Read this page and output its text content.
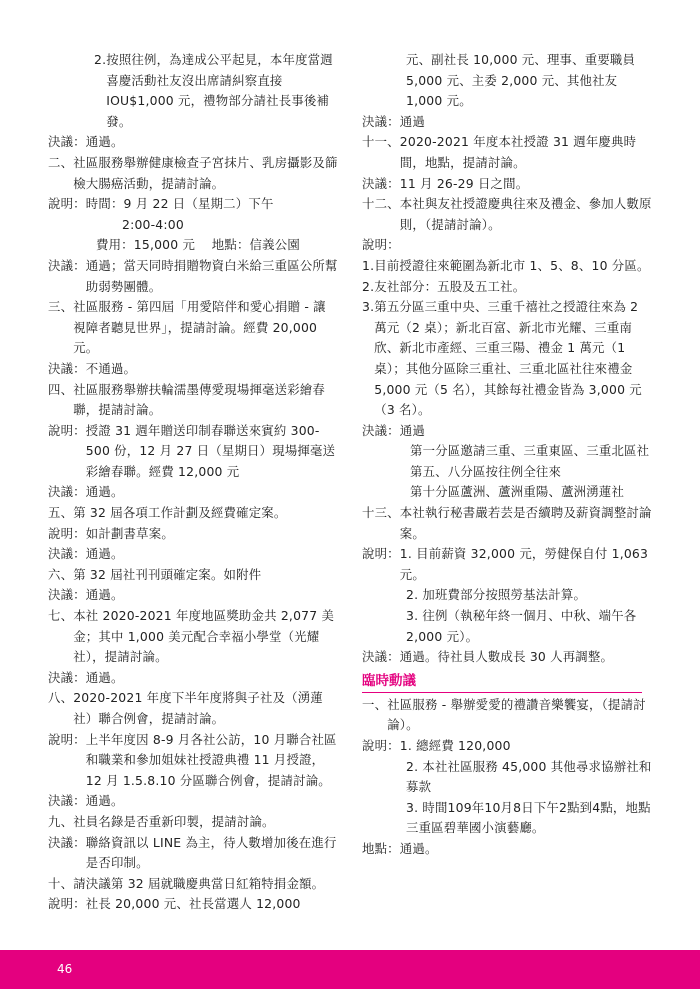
2. 按照往例，為達成公平起見，本年度當週喜慶活動社友沒出席請糾察直接 IOU$1,000 元，禮物部分請社長事後補發。
決議： 通過。
二、 社區服務舉辦健康檢查子宮抹片、乳房攝影及篩檢大腸癌活動，提請討論。
說明： 時間：9 月 22 日（星期二）下午
2:00-4:00
費用：15,000 元　 地點：信義公園
決議： 通過；當天同時捐贈物資白米給三重區公所幫助弱勢團體。
三、 社區服務 - 第四屆「用愛陪伴和愛心捐贈 - 讓視障者聽見世界」，提請討論。經費 20,000 元。
決議： 不通過。
四、 社區服務舉辦扶輪濡墨傳愛現場揮毫送彩繪春聯，提請討論。
說明： 授證 31 週年贈送印制春聯送來賓約 300-500 份，12 月 27 日（星期日）現場揮毫送彩繪春聯。經費 12,000 元
決議： 通過。
五、 第 32 屆各項工作計劃及經費確定案。
說明： 如計劃書草案。
決議： 通過。
六、 第 32 屆社刊刊頭確定案。如附件
決議： 通過。
七、 本社 2020-2021 年度地區獎助金共 2,077 美金；其中 1,000 美元配合幸福小學堂（光耀社），提請討論。
決議： 通過。
八、 2020-2021 年度下半年度將與子社及（湧蓮社）聯合例會，提請討論。
說明： 上半年度因 8-9 月各社公訪，10 月聯合社區和職業和參加姐妹社授證典禮 11 月授證，12 月 1.5.8.10 分區聯合例會，提請討論。
決議： 通過。
九、 社員名錄是否重新印製，提請討論。
決議： 聯絡資訊以 LINE 為主，待人數增加後在進行是否印制。
十、 請決議第 32 屆就職慶典當日紅箱特捐金額。
說明： 社長 20,000 元、社長當選人 12,000
元、副社長 10,000 元、理事、重要職員 5,000 元、主委 2,000 元、其他社友 1,000 元。
決議： 通過
十一、 2020-2021 年度本社授證 31 週年慶典時間，地點，提請討論。
決議： 11 月 26-29 日之間。
十二、 本社與友社授證慶典往來及禮金、參加人數原則，（提請討論）。
說明：
1. 目前授證往來範圍為新北市 1、5、8、10 分區。
2. 友社部分：五股及五工社。
3. 第五分區三重中央、三重千禧社之授證往來為 2 萬元（2 桌）；新北百富、新北市光耀、三重南欣、新北市產經、三重三陽、禮金 1 萬元（1 桌）；其他分區除三重社、三重北區社往來禮金 5,000 元（5 名），其餘每社禮金皆為 3,000 元（3 名）。
決議： 通過
第一分區邀請三重、三重東區、三重北區社
第五、八分區按往例全往來
第十分區蘆洲、蘆洲重陽、蘆洲湧蓮社
十三、 本社執行秘書嚴若芸是否續聘及薪資調整討論案。
說明： 1. 目前薪資 32,000 元，勞健保自付 1,063 元。
2. 加班費部分按照勞基法計算。
3. 往例（執秘年終一個月、中秋、端午各 2,000 元）。
決議： 通過。待社員人數成長 30 人再調整。
臨時動議
一、 社區服務 - 舉辦愛愛的禮讚音樂饗宴，（提請討論）。
說明： 1. 總經費 120,000
2. 本社社區服務 45,000 其他尋求協辦社和募款
3. 時間109年10月8日下午2點到4點，地點三重區碧華國小演藝廳。
地點： 通過。
46
